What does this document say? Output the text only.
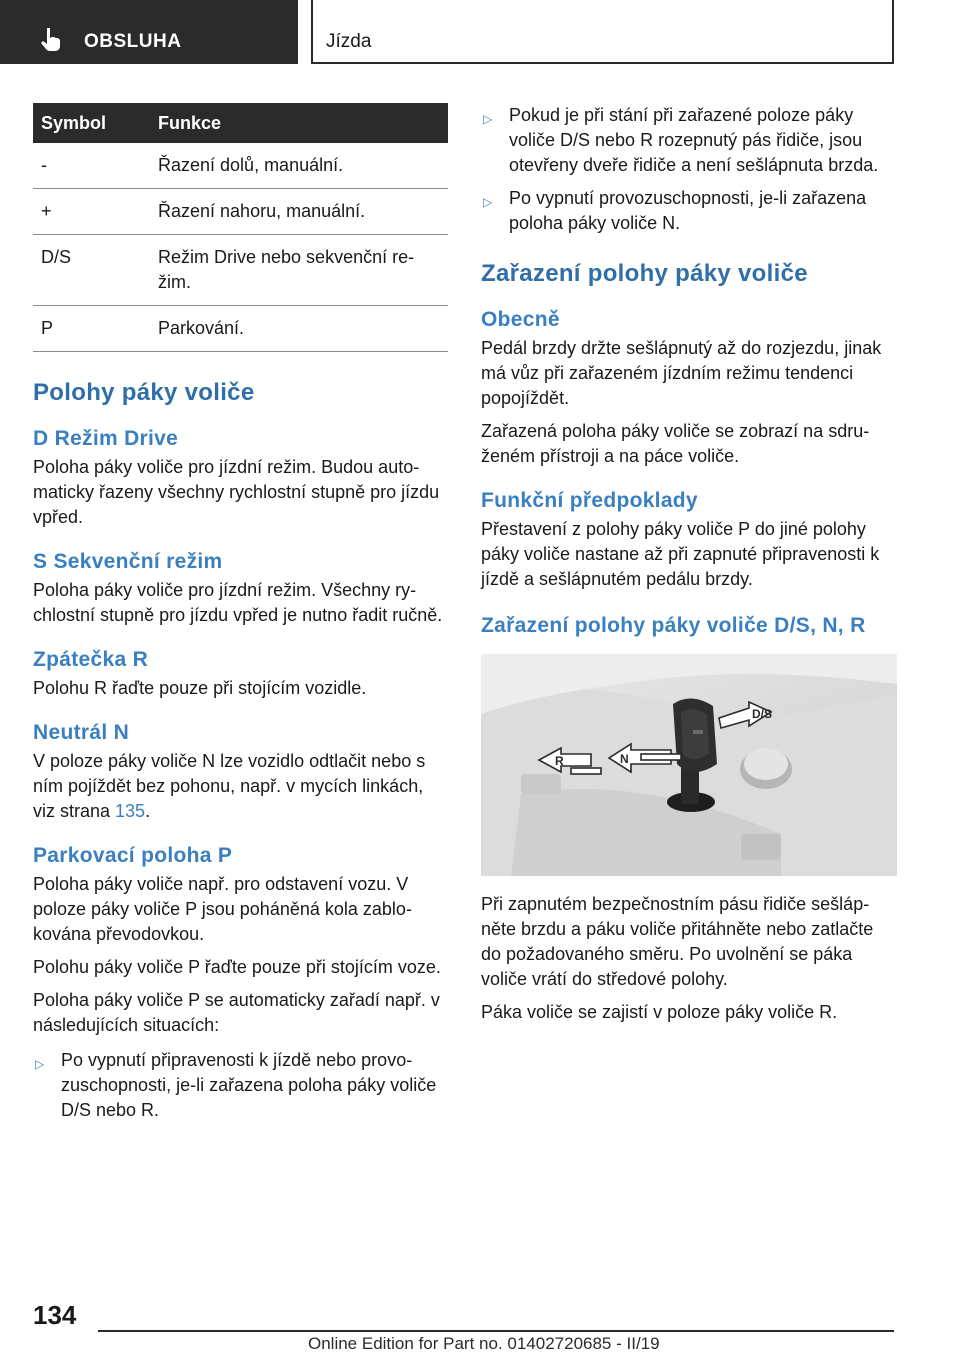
OBSLUHA	Jízda
Symbol	Funkce
-	Řazení dolů, manuální.
+	Řazení nahoru, manuální.
D/S	Režim Drive nebo sekvenční režim.
P	Parkování.
Polohy páky voliče
D Režim Drive

Poloha páky voliče pro jízdní režim. Budou automaticky řazeny všechny rychlostní stupně pro jízdu vpřed.

S Sekvenční režim

Poloha páky voliče pro jízdní režim. Všechny rychlostní stupně pro jízdu vpřed je nutno řadit ručně.

Zpátečka R

Polohu R řaďte pouze při stojícím vozidle.

Neutrál N

V poloze páky voliče N lze vozidlo odtlačit nebo s ním pojíždět bez pohonu, např. v mycích linkách, viz strana 135.

Parkovací poloha P

Poloha páky voliče např. pro odstavení vozu. V poloze páky voliče P jsou poháněná kola zablokována převodovkou.

Polohu páky voliče P řaďte pouze při stojícím voze.

Poloha páky voliče P se automaticky zařadí např. v následujících situacích:

▷ Po vypnutí připravenosti k jízdě nebo provozuschopnosti, je-li zařazena poloha páky voliče D/S nebo R.
▷ Pokud je při stání při zařazené poloze páky voliče D/S nebo R rozepnutý pás řidiče, jsou otevřeny dveře řidiče a není sešlápnuta brzda.
▷ Po vypnutí provozuschopnosti, je-li zařazena poloha páky voliče N.
Zařazení polohy páky voliče
Obecně

Pedál brzdy držte sešlápnutý až do rozjezdu, jinak má vůz při zařazeném jízdním režimu tendenci popojíždět.

Zařazená poloha páky voliče se zobrazí na sdruženém přístroji a na páce voliče.

Funkční předpoklady

Přestavení z polohy páky voliče P do jiné polohy páky voliče nastane až při zapnuté připravenosti k jízdě a sešlápnutém pedálu brzdy.

Zařazení polohy páky voliče D/S, N, R
D/S
N
R

Při zapnutém bezpečnostním pásu řidiče sešlápněte brzdu a páku voliče přitáhněte nebo zatlačte do požadovaného směru. Po uvolnění se páka voliče vrátí do středové polohy.

Páka voliče se zajistí v poloze páky voliče R.

134
Online Edition for Part no. 01402720685 - II/19
